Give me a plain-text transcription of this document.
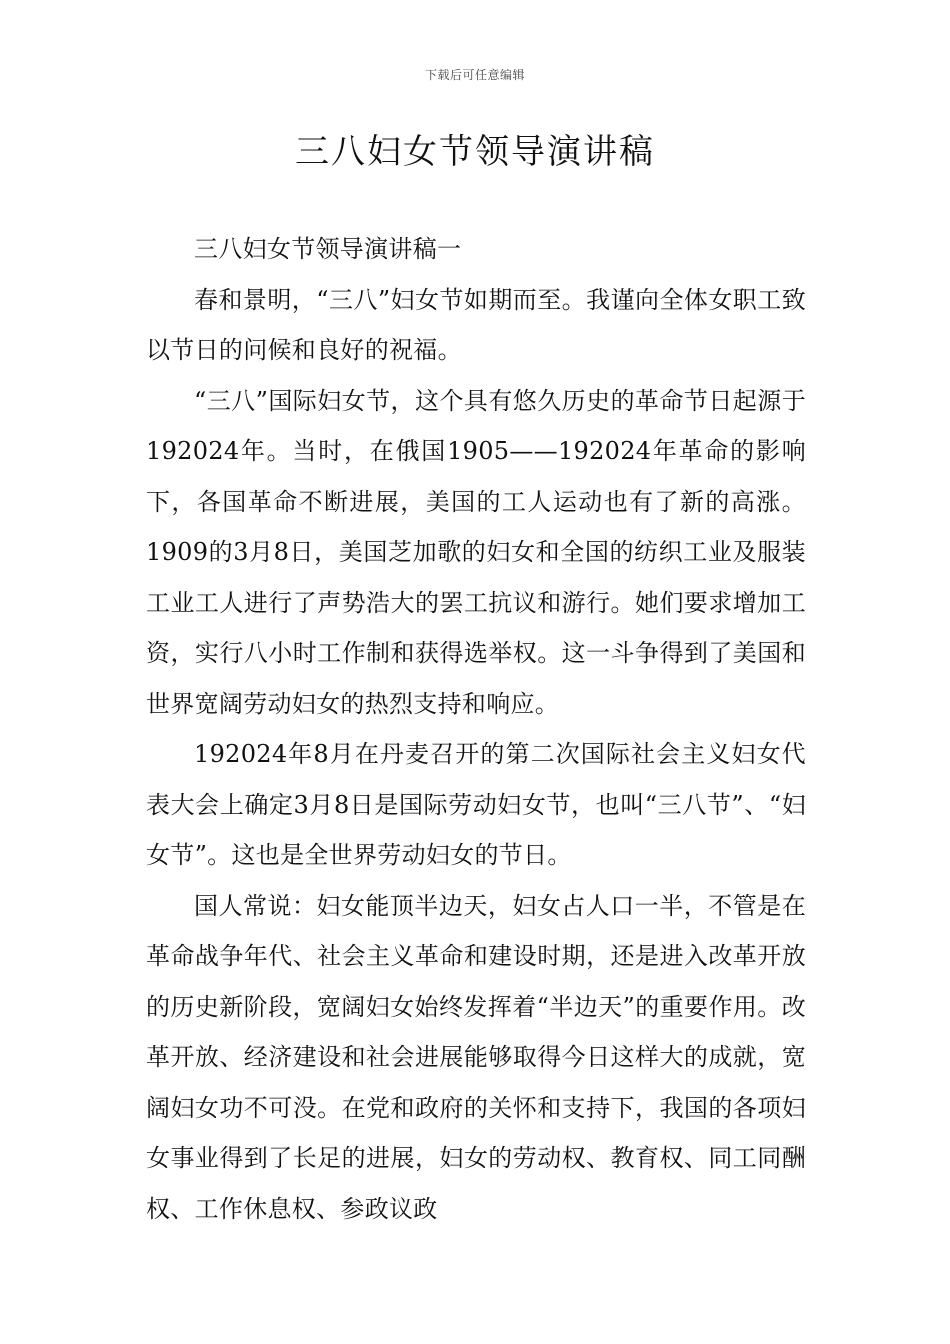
下载后可任意编辑
三八妇女节领导演讲稿

三八妇女节领导演讲稿一

春和景明，“三八”妇女节如期而至。我谨向全体女职工致以节日的问候和良好的祝福。

“三八”国际妇女节，这个具有悠久历史的革命节日起源于192024年。当时，在俄国1905——192024年革命的影响下，各国革命不断进展，美国的工人运动也有了新的高涨。1909的3月8日，美国芝加歌的妇女和全国的纺织工业及服装工业工人进行了声势浩大的罢工抗议和游行。她们要求增加工资，实行八小时工作制和获得选举权。这一斗争得到了美国和世界宽阔劳动妇女的热烈支持和响应。

192024年8月在丹麦召开的第二次国际社会主义妇女代表大会上确定3月8日是国际劳动妇女节，也叫“三八节”、“妇女节”。这也是全世界劳动妇女的节日。

国人常说：妇女能顶半边天，妇女占人口一半，不管是在革命战争年代、社会主义革命和建设时期，还是进入改革开放的历史新阶段，宽阔妇女始终发挥着“半边天”的重要作用。改革开放、经济建设和社会进展能够取得今日这样大的成就，宽阔妇女功不可没。在党和政府的关怀和支持下，我国的各项妇女事业得到了长足的进展，妇女的劳动权、教育权、同工同酬权、工作休息权、参政议政
